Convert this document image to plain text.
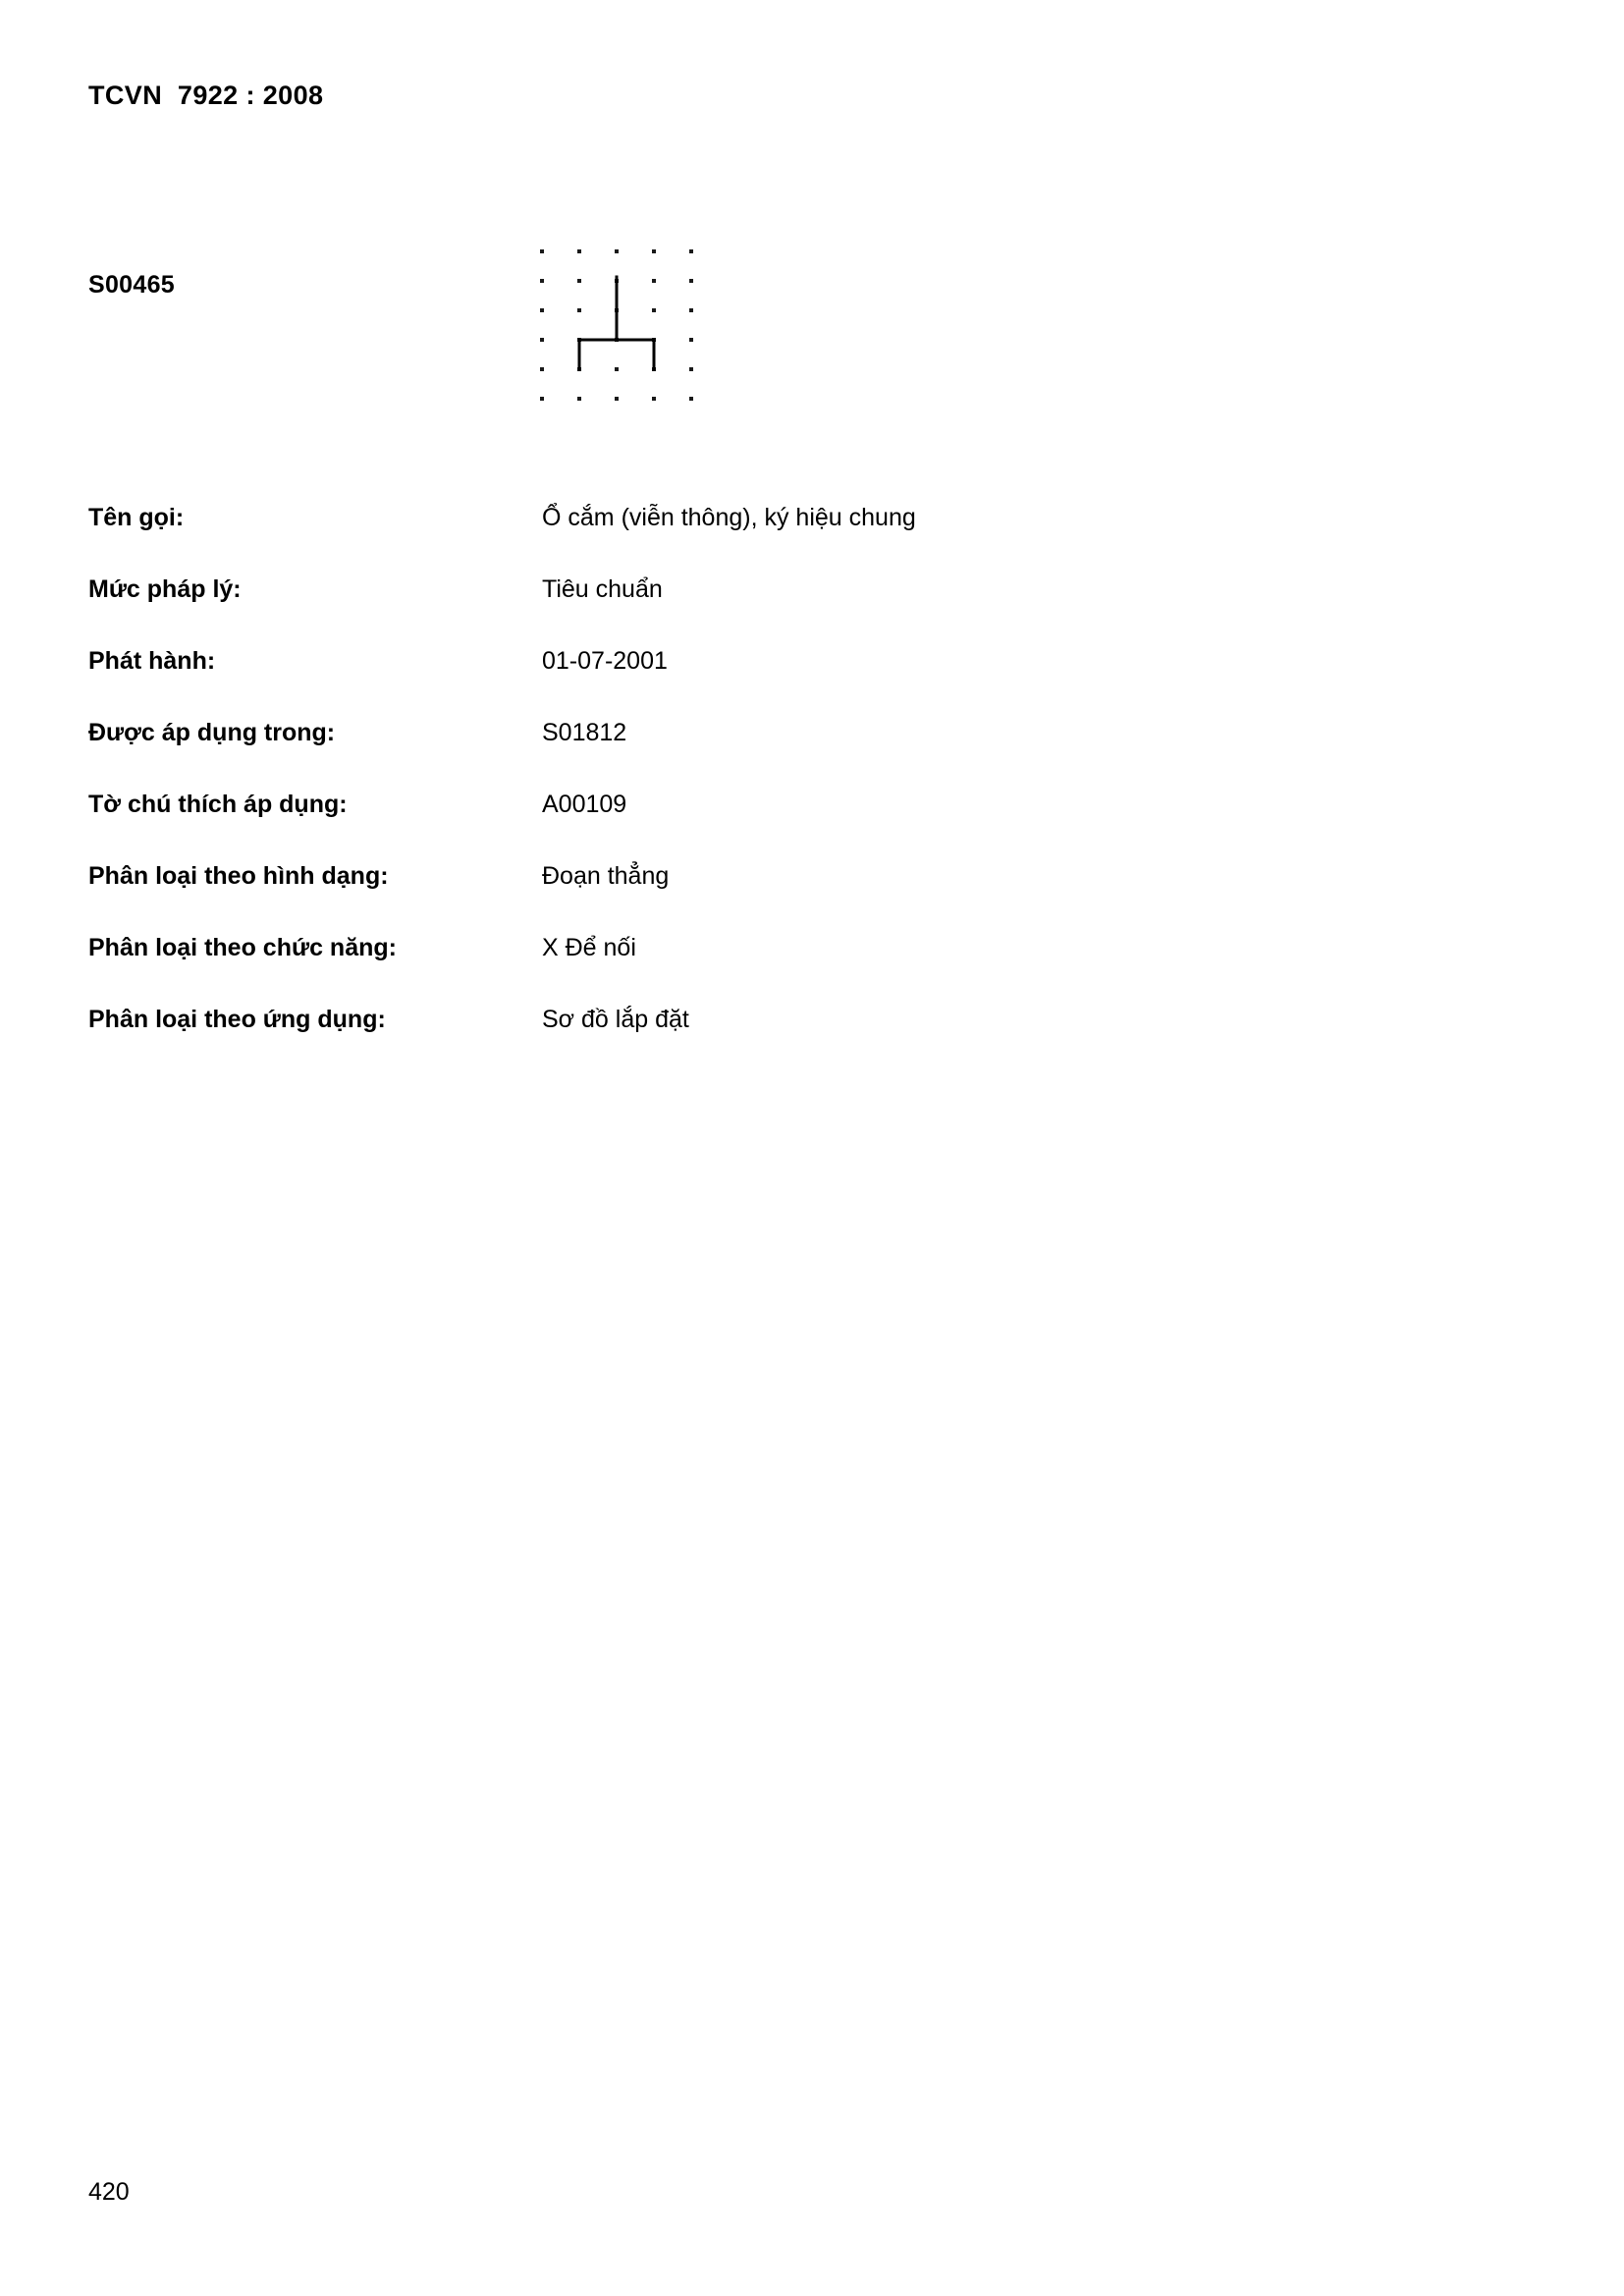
TCVN  7922 : 2008
S00465
Tên gọi:	Ổ cắm (viễn thông), ký hiệu chung
Mức pháp lý:	Tiêu chuẩn
Phát hành:	01-07-2001
Được áp dụng trong:	S01812
Tờ chú thích áp dụng:	A00109
Phân loại theo hình dạng:	Đoạn thẳng
Phân loại theo chức năng:	X Để nối
Phân loại theo ứng dụng:	Sơ đồ lắp đặt
420
